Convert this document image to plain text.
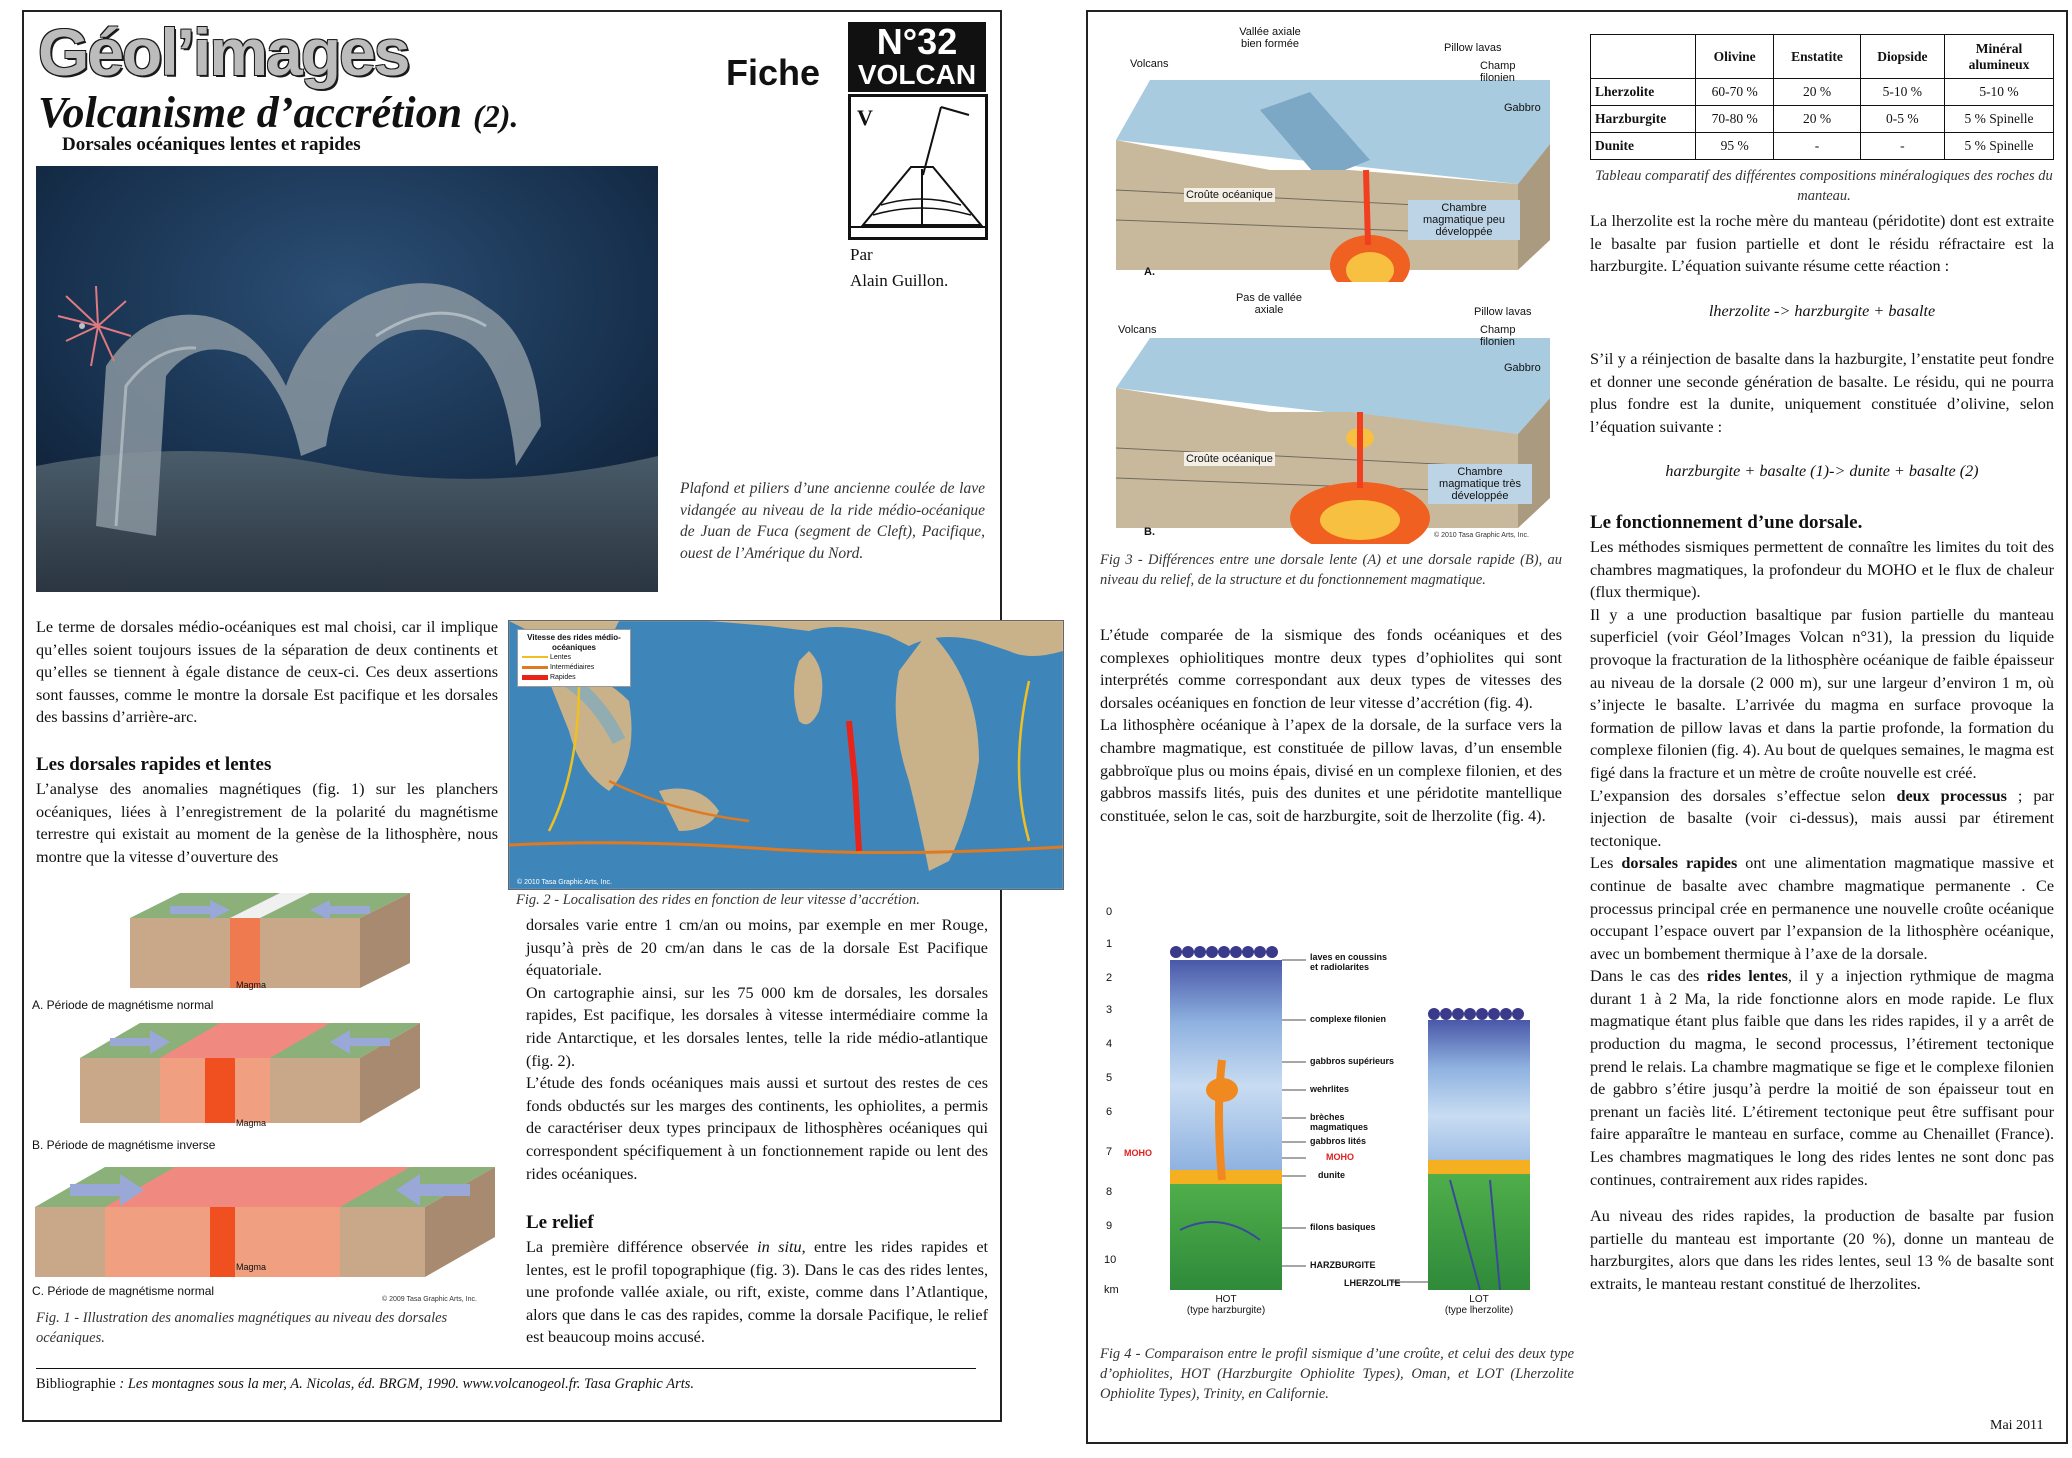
Géol’images	Fiche
N°32
VOLCAN
V
Volcanisme d’accrétion (2).
Dorsales océaniques lentes et rapides
Par
Alain Guillon.
Plafond et piliers d’une ancienne coulée de lave vidangée au niveau de la ride médio-océanique de Juan de Fuca (segment de Cleft), Pacifique, ouest de l’Amérique du Nord.

Le terme de dorsales médio-océaniques est mal choisi, car il implique qu’elles soient toujours issues de la séparation de deux continents et qu’elles se tiennent à égale distance de ceux-ci. Ces deux assertions sont fausses, comme le montre la dorsale Est pacifique et les dorsales des bassins d’arrière-arc.

Les dorsales rapides et lentes

L’analyse des anomalies magnétiques (fig. 1) sur les planchers océaniques, liées à l’enregistrement de la polarité du magnétisme terrestre qui existait au moment de la genèse de la lithosphère, nous montre que la vitesse d’ouverture des

Vitesse des rides médio-océaniques
Lentes
Intermédiaires
Rapides
© 2010 Tasa Graphic Arts, Inc.
Fig. 2 - Localisation des rides en fonction de leur vitesse d’accrétion.

dorsales varie entre 1 cm/an ou moins, par exemple en mer Rouge, jusqu’à près de 20 cm/an dans le cas de la dorsale Est Pacifique équatoriale.

On cartographie ainsi, sur les 75 000 km de dorsales, les dorsales rapides, Est pacifique, les dorsales à vitesse intermédiaire comme la ride Antarctique, et les dorsales lentes, telle la ride médio-atlantique (fig. 2).

L’étude des fonds océaniques mais aussi et surtout des restes de ces fonds obductés sur les marges des continents, les ophiolites, a permis de caractériser deux types principaux de lithosphères océaniques qui correspondent spécifiquement à un fonctionnement rapide ou lent des rides océaniques.

Le relief

La première différence observée in situ, entre les rides rapides et lentes, est le profil topographique (fig. 3). Dans le cas des rides lentes, une profonde vallée axiale, ou rift, existe, comme dans l’Atlantique, alors que dans le cas des rapides, comme la dorsale Pacifique, le relief est beaucoup moins accusé.

Magma
A. Période de magnétisme normal
Magma
B. Période de magnétisme inverse
Magma
C. Période de magnétisme normal
© 2009 Tasa Graphic Arts, Inc.
Fig. 1 - Illustration des anomalies magnétiques au niveau des dorsales océaniques.
Bibliographie : Les montagnes sous la mer, A. Nicolas, éd. BRGM, 1990. www.volcanogeol.fr. Tasa Graphic Arts.
Vallée axiale bien formée
Volcans
Pillow lavas
Champ filonien
Gabbro
Croûte océanique
Chambre magmatique peu développée
A.
Pas de vallée axiale
Volcans
Pillow lavas
Champ filonien
Gabbro
Croûte océanique
Chambre magmatique très développée
B.	© 2010 Tasa Graphic Arts, Inc.
Fig 3 - Différences entre une dorsale lente (A) et une dorsale rapide (B), au niveau du relief, de la structure et du fonctionnement magmatique.

L’étude comparée de la sismique des fonds océaniques et des complexes ophiolitiques montre deux types d’ophiolites qui sont interprétés comme correspondant aux deux types de vitesses des dorsales océaniques en fonction de leur vitesse d’accrétion (fig. 4).

La lithosphère océanique à l’apex de la dorsale, de la surface vers la chambre magmatique, est constituée de pillow lavas, d’un ensemble gabbroïque plus ou moins épais, divisé en un complexe filonien, et des gabbros massifs lités, puis des dunites et une péridotite mantellique constituée, selon le cas, soit de harzburgite, soit de lherzolite (fig. 4).

0
1
2
3
4
5
6
7 MOHO
8
9
10
km
laves en coussins et radiolarites
complexe filonien
gabbros supérieurs
wehrlites
brèches magmatiques
gabbros lités
MOHO
dunite
filons basiques
HARZBURGITE
LHERZOLITE
HOT
(type harzburgite)
LOT
(type lherzolite)
Fig 4 - Comparaison entre le profil sismique d’une croûte, et celui des deux type d’ophiolites, HOT (Harzburgite Ophiolite Types), Oman, et LOT (Lherzolite Ophiolite Types), Trinity, en Californie.
	Olivine	Enstatite	Diopside	Minéral alumineux
Lherzolite	60-70 %	20 %	5-10 %	5-10 %
Harzburgite	70-80 %	20 %	0-5 %	5 % Spinelle
Dunite	95 %	-	-	5 % Spinelle
Tableau comparatif des différentes compositions minéralogiques des roches du manteau.

La lherzolite est la roche mère du manteau (péridotite) dont est extraite le basalte par fusion partielle et dont le résidu réfractaire est la harzburgite. L’équation suivante résume cette réaction :

lherzolite -> harzburgite + basalte

S’il y a réinjection de basalte dans la hazburgite, l’enstatite peut fondre et donner une seconde génération de basalte. Le résidu, qui ne pourra plus fondre est la dunite, uniquement constituée d’olivine, selon l’équation suivante :

harzburgite + basalte (1)-> dunite + basalte (2)
Le fonctionnement d’une dorsale.

Les méthodes sismiques permettent de connaître les limites du toit des chambres magmatiques, la profondeur du MOHO et le flux de chaleur (flux thermique).

Il y a une production basaltique par fusion partielle du manteau superficiel (voir Géol’Images Volcan n°31), la pression du liquide provoque la fracturation de la lithosphère océanique de faible épaisseur au niveau de la dorsale (2 000 m), sur une largeur d’environ 1 m, où s’injecte le basalte. L’arrivée du magma en surface provoque la formation de pillow lavas et dans la partie profonde, la formation du complexe filonien (fig. 4). Au bout de quelques semaines, le magma est figé dans la fracture et un mètre de croûte nouvelle est créé.

L’expansion des dorsales s’effectue selon deux processus ; par injection de basalte (voir ci-dessus), mais aussi par étirement tectonique.

Les dorsales rapides ont une alimentation magmatique massive et continue de basalte avec chambre magmatique permanente . Ce processus principal crée en permanence une nouvelle croûte océanique occupant l’espace ouvert par l’expansion de la lithosphère océanique, avec un bombement thermique à l’axe de la dorsale.

Dans le cas des rides lentes, il y a injection rythmique de magma durant 1 à 2 Ma, la ride fonctionne alors en mode rapide. Le flux magmatique étant plus faible que dans les rides rapides, il y a arrêt de production du magma, le second processus, l’étirement tectonique prend le relais. La chambre magmatique se fige et le complexe filonien de gabbro s’étire jusqu’à perdre la moitié de son épaisseur tout en prenant un faciès lité. L’étirement tectonique peut être suffisant pour faire apparaître le manteau en surface, comme au Chenaillet (France). Les chambres magmatiques le long des rides lentes ne sont donc pas continues, contrairement aux rides rapides.

Au niveau des rides rapides, la production de basalte par fusion partielle du manteau est importante (20 %), donne un manteau de harzburgites, alors que dans les rides lentes, seul 13 % de basalte sont extraits, le manteau restant constitué de lherzolites.

Mai 2011
